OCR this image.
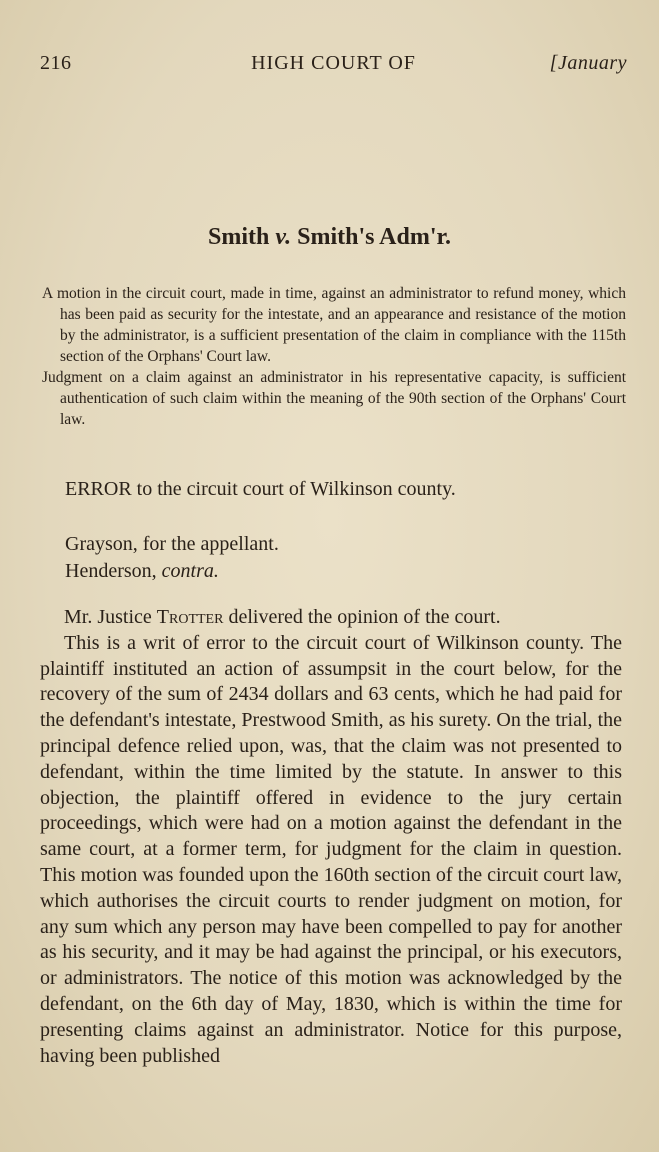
216	HIGH COURT OF	[January
Smith v. Smith's Adm'r.

A motion in the circuit court, made in time, against an administrator to refund money, which has been paid as security for the intestate, and an appearance and resistance of the motion by the administrator, is a sufficient presentation of the claim in compliance with the 115th section of the Orphans' Court law.

Judgment on a claim against an administrator in his representative capacity, is sufficient authentication of such claim within the meaning of the 90th section of the Orphans' Court law.

ERROR to the circuit court of Wilkinson county.
Grayson, for the appellant.
Henderson, contra.

Mr. Justice Trotter delivered the opinion of the court.

This is a writ of error to the circuit court of Wilkinson county. The plaintiff instituted an action of assumpsit in the court below, for the recovery of the sum of 2434 dollars and 63 cents, which he had paid for the defendant's intestate, Prestwood Smith, as his surety. On the trial, the principal defence relied upon, was, that the claim was not presented to defendant, within the time limited by the statute. In answer to this objection, the plaintiff offered in evidence to the jury certain proceedings, which were had on a motion against the defendant in the same court, at a former term, for judgment for the claim in question. This motion was founded upon the 160th section of the circuit court law, which authorises the circuit courts to render judgment on motion, for any sum which any person may have been compelled to pay for another as his security, and it may be had against the principal, or his executors, or administrators. The notice of this motion was acknowledged by the defendant, on the 6th day of May, 1830, which is within the time for presenting claims against an administrator. Notice for this purpose, having been published
